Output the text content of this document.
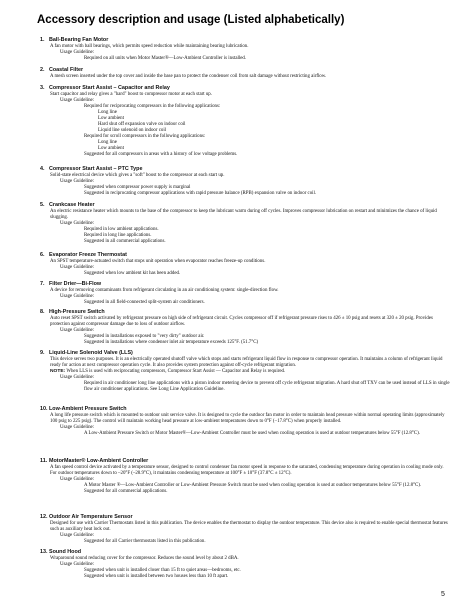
Accessory description and usage (Listed alphabetically)
1. Ball-Bearing Fan Motor

A fan motor with ball bearings, which permits speed reduction while maintaining bearing lubrication.

Usage Guideline:

Required on all units when Motor Master®—Low-Ambient Controller is installed.

2. Coastal Filter

A mesh screen inserted under the top cover and inside the base pan to protect the condenser coil from salt damage without restricting airflow.

3. Compressor Start Assist – Capacitor and Relay

Start capacitor and relay gives a "hard" boost to compressor motor at each start up.

Usage Guideline:

Required for reciprocating compressors in the following applications:

Long line

Low ambient

Hard shut off expansion valve on indoor coil

Liquid line solenoid on indoor coil

Required for scroll compressors in the following applications:

Long line

Low ambient

Suggested for all compressors in areas with a history of low voltage problems.

4. Compressor Start Assist – PTC Type

Solid-state electrical device which gives a "soft" boost to the compressor at each start up.

Usage Guideline:

Suggested when compressor power supply is marginal

Suggested in reciprocating compressor applications with rapid pressure balance (RPB) expansion valve on indoor coil.

5. Crankcase Heater

An electric resistance heater which mounts to the base of the compressor to keep the lubricant warm during off cycles. Improves compressor lubrication on restart and minimizes the chance of liquid slugging.

Usage Guideline:

Required in low ambient applications.

Required in long line applications.

Suggested in all commercial applications.

6. Evaporator Freeze Thermostat

An SPST temperature-actuated switch that stops unit operation when evaporator reaches freeze-up conditions.

Usage Guideline:

Suggested when low ambient kit has been added.

7. Filter Drier—Bi-Flow

A device for removing contaminants from refrigerant circulating in an air conditioning system: single-direction flow.

Usage Guideline:

Suggested in all field-connected split-system air conditioners.

8. High-Pressure Switch

Auto reset SPST switch activated by refrigerant pressure on high side of refrigerant circuit. Cycles compressor off if refrigerant pressure rises to 426 ± 10 psig and resets at 320 ± 20 psig. Provides protection against compressor damage due to loss of outdoor airflow.

Usage Guideline:

Suggested in installations exposed to "very dirty" outdoor air.

Suggested in installations where condenser inlet air temperature exceeds 125°F. (51.7°C)

9. Liquid-Line Solenoid Valve (LLS)

This device serves two purposes. It is an electrically operated shutoff valve which stops and starts refrigerant liquid flow in response to compressor operation. It maintains a column of refrigerant liquid ready for action at next compressor operation cycle. It also provides system protection against off-cycle refrigerant migration.

NOTE: When LLS is used with reciprocating compressors, Compressor Start Assist — Capacitor and Relay is required.

Usage Guideline:

Required in air conditioner long line applications with a piston indoor metering device to prevent off cycle refrigerant migration. A hard shut off TXV can be used instead of LLS in single flow air conditioner applications. See Long Line Application Guideline.

10. Low-Ambient Pressure Switch

A long life pressure switch which is mounted to outdoor unit service valve. It is designed to cycle the outdoor fan motor in order to maintain head pressure within normal operating limits (approximately 100 psig to 225 psig). The control will maintain working head pressure at low-ambient temperatures down to 0°F (−17.8°C) when properly installed.

Usage Guideline:

A Low-Ambient Pressure Switch or Motor Master®—Low-Ambient Controller must be used when cooling operation is used at outdoor temperatures below 55°F (12.8°C).

11. MotorMaster® Low-Ambient Controller

A fan speed control device activated by a temperature sensor, designed to control condenser fan motor speed in response to the saturated, condensing temperature during operation in cooling mode only. For outdoor temperatures down to –20°F (–28.9°C), it maintains condensing temperature at 100°F ± 10°F (37.8°C ± 12°C).

Usage Guideline:

A Motor Master ®—Low-Ambient Controller or Low-Ambient Pressure Switch must be used when cooling operation is used at outdoor temperatures below 55°F (12.8°C).

Suggested for all commercial applications.

12. Outdoor Air Temperature Sensor

Designed for use with Carrier Thermostats listed in this publication. The device enables the thermostat to display the outdoor temperature. This device also is required to enable special thermostat features such as auxiliary heat lock out.

Usage Guideline:

Suggested for all Carrier thermostats listed in this publication.

13. Sound Hood

Wraparound sound reducing cover for the compressor. Reduces the sound level by about 2 dBA.

Usage Guideline:

Suggested when unit is installed closer than 15 ft to quiet areas—bedrooms, etc.

Suggested when unit is installed between two houses less than 10 ft apart.

5
